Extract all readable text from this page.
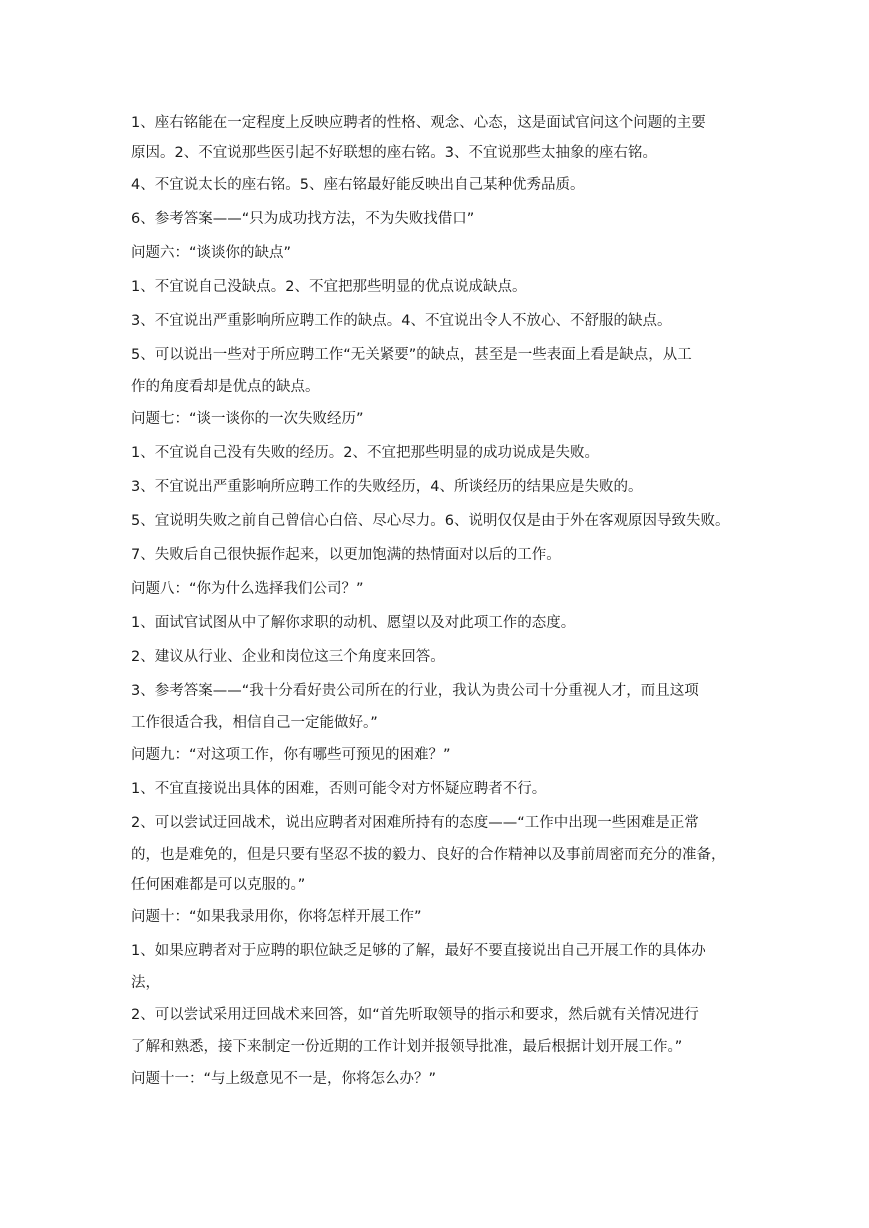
1、座右铭能在一定程度上反映应聘者的性格、观念、心态，这是面试官问这个问题的主要

原因。2、不宜说那些医引起不好联想的座右铭。3、不宜说那些太抽象的座右铭。

4、不宜说太长的座右铭。5、座右铭最好能反映出自己某种优秀品质。

6、参考答案——“只为成功找方法，不为失败找借口”

问题六：“谈谈你的缺点”

1、不宜说自己没缺点。2、不宜把那些明显的优点说成缺点。

3、不宜说出严重影响所应聘工作的缺点。4、不宜说出令人不放心、不舒服的缺点。

5、可以说出一些对于所应聘工作“无关紧要”的缺点，甚至是一些表面上看是缺点，从工

作的角度看却是优点的缺点。

问题七：“谈一谈你的一次失败经历”

1、不宜说自己没有失败的经历。2、不宜把那些明显的成功说成是失败。

3、不宜说出严重影响所应聘工作的失败经历，4、所谈经历的结果应是失败的。

5、宜说明失败之前自己曾信心白倍、尽心尽力。6、说明仅仅是由于外在客观原因导致失败。

7、失败后自己很快振作起来，以更加饱满的热情面对以后的工作。

问题八：“你为什么选择我们公司？”

1、面试官试图从中了解你求职的动机、愿望以及对此项工作的态度。

2、建议从行业、企业和岗位这三个角度来回答。

3、参考答案——“我十分看好贵公司所在的行业，我认为贵公司十分重视人才，而且这项

工作很适合我，相信自己一定能做好。”

问题九：“对这项工作，你有哪些可预见的困难？”

1、不宜直接说出具体的困难，否则可能令对方怀疑应聘者不行。

2、可以尝试迂回战术，说出应聘者对困难所持有的态度——“工作中出现一些困难是正常

的，也是难免的，但是只要有坚忍不拔的毅力、良好的合作精神以及事前周密而充分的准备，

任何困难都是可以克服的。”

问题十：“如果我录用你，你将怎样开展工作”

1、如果应聘者对于应聘的职位缺乏足够的了解，最好不要直接说出自己开展工作的具体办

法，

2、可以尝试采用迂回战术来回答，如“首先听取领导的指示和要求，然后就有关情况进行

了解和熟悉，接下来制定一份近期的工作计划并报领导批准，最后根据计划开展工作。”

问题十一：“与上级意见不一是，你将怎么办？”
